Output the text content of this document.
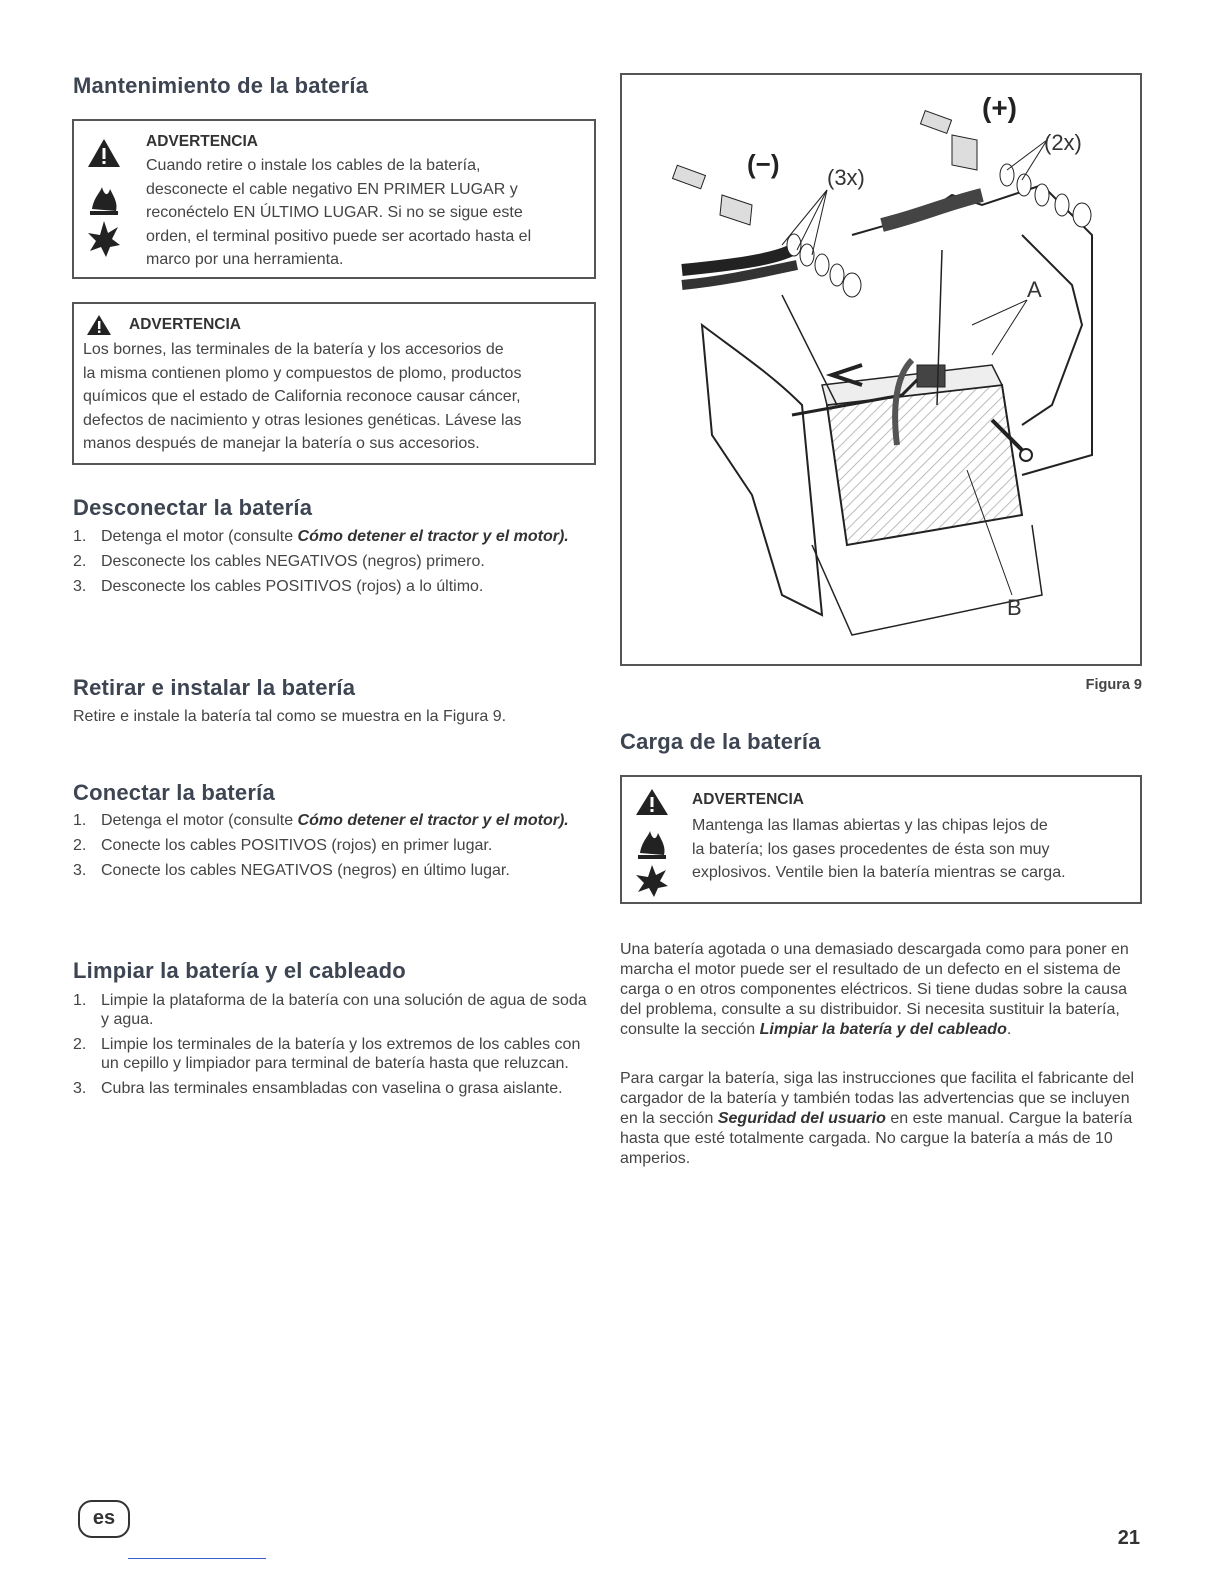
Mantenimiento de la batería
ADVERTENCIA
Cuando retire o instale los cables de la batería,
desconecte el cable negativo EN PRIMER LUGAR y
reconéctelo EN ÚLTIMO LUGAR. Si no se sigue este
orden, el terminal positivo puede ser acortado hasta el
marco por una herramienta.
ADVERTENCIA
Los bornes, las terminales de la batería y los accesorios de
la misma contienen plomo y compuestos de plomo, productos
químicos que el estado de California reconoce causar cáncer,
defectos de nacimiento y otras lesiones genéticas. Lávese las
manos después de manejar la batería o sus accesorios.
Desconectar la batería
1. Detenga el motor (consulte Cómo detener el tractor y el motor).
2. Desconecte los cables NEGATIVOS (negros) primero.
3. Desconecte los cables POSITIVOS (rojos) a lo último.
Retirar e instalar la batería

Retire e instale la batería tal como se muestra en la Figura 9.

Conectar la batería
1. Detenga el motor (consulte Cómo detener el tractor y el motor).
2. Conecte los cables POSITIVOS (rojos) en primer lugar.
3. Conecte los cables NEGATIVOS (negros) en último lugar.
Limpiar la batería y el cableado
1. Limpie la plataforma de la batería con una solución de agua de soda y agua.
2. Limpie los terminales de la batería y los extremos de los cables con un cepillo y limpiador para terminal de batería hasta que reluzcan.
3. Cubra las terminales ensambladas con vaselina o grasa aislante.
(+)
(2x)
(−) (3x)
A
B
Figura 9
Carga de la batería
ADVERTENCIA
Mantenga las llamas abiertas y las chipas lejos de
la batería; los gases procedentes de ésta son muy
explosivos. Ventile bien la batería mientras se carga.

Una batería agotada o una demasiado descargada como para poner en marcha el motor puede ser el resultado de un defecto en el sistema de carga o en otros componentes eléctricos. Si tiene dudas sobre la causa del problema, consulte a su distribuidor. Si necesita sustituir la batería, consulte la sección Limpiar la batería y del cableado.

Para cargar la batería, siga las instrucciones que facilita el fabricante del cargador de la batería y también todas las advertencias que se incluyen en la sección Seguridad del usuario en este manual. Cargue la batería hasta que esté totalmente cargada. No cargue la batería a más de 10 amperios.

es
21
